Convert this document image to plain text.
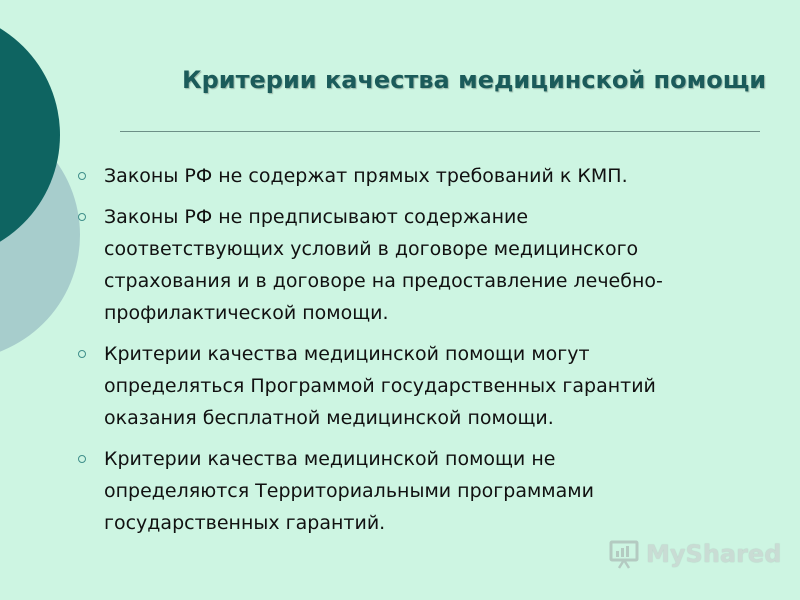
Критерии качества медицинской помощи
Законы РФ не содержат прямых требований к КМП.
Законы РФ не предписывают содержание
соответствующих условий в договоре медицинского
страхования и в договоре на предоставление лечебно-
профилактической помощи.
Критерии качества медицинской помощи могут
определяться Программой государственных гарантий
оказания бесплатной медицинской помощи.
Критерии качества медицинской помощи не
определяются Территориальными программами
государственных гарантий.
MyShared
